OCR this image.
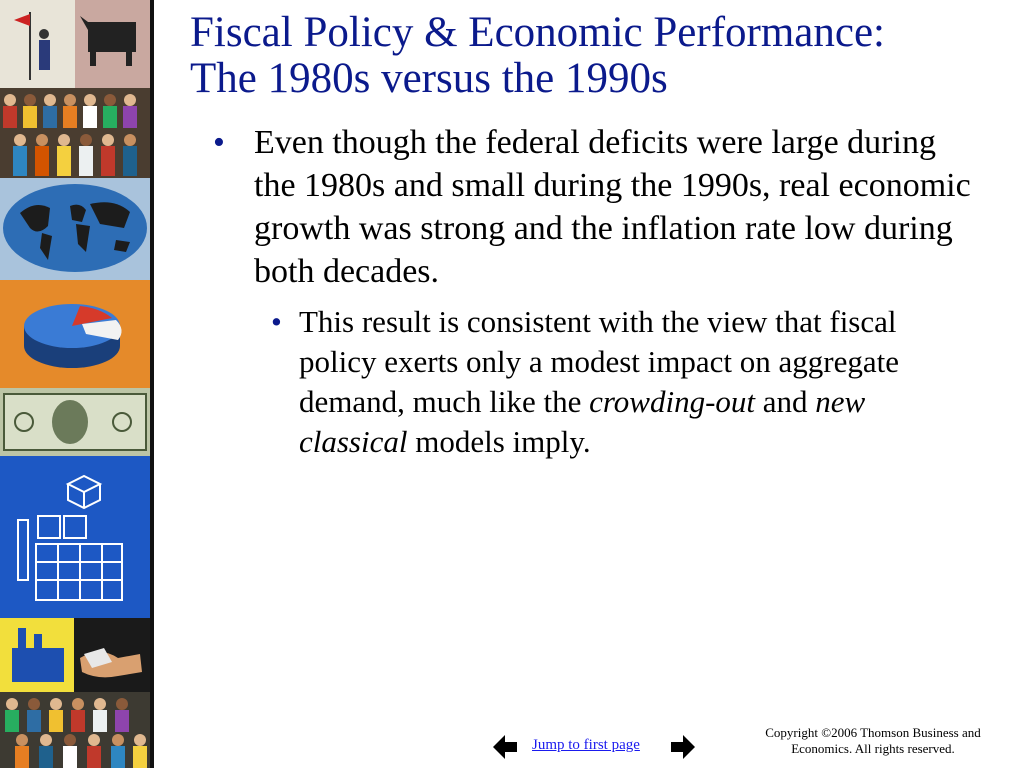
Fiscal Policy & Economic Performance:
The 1980s versus the 1990s
• Even though the federal deficits were large during the 1980s and small during the 1990s, real economic growth was strong and the inflation rate low during both decades.
• This result is consistent with the view that fiscal policy exerts only a modest impact on aggregate demand, much like the crowding-out and new classical models imply.
Jump to first page
Copyright ©2006 Thomson Business and
Economics. All rights reserved.
